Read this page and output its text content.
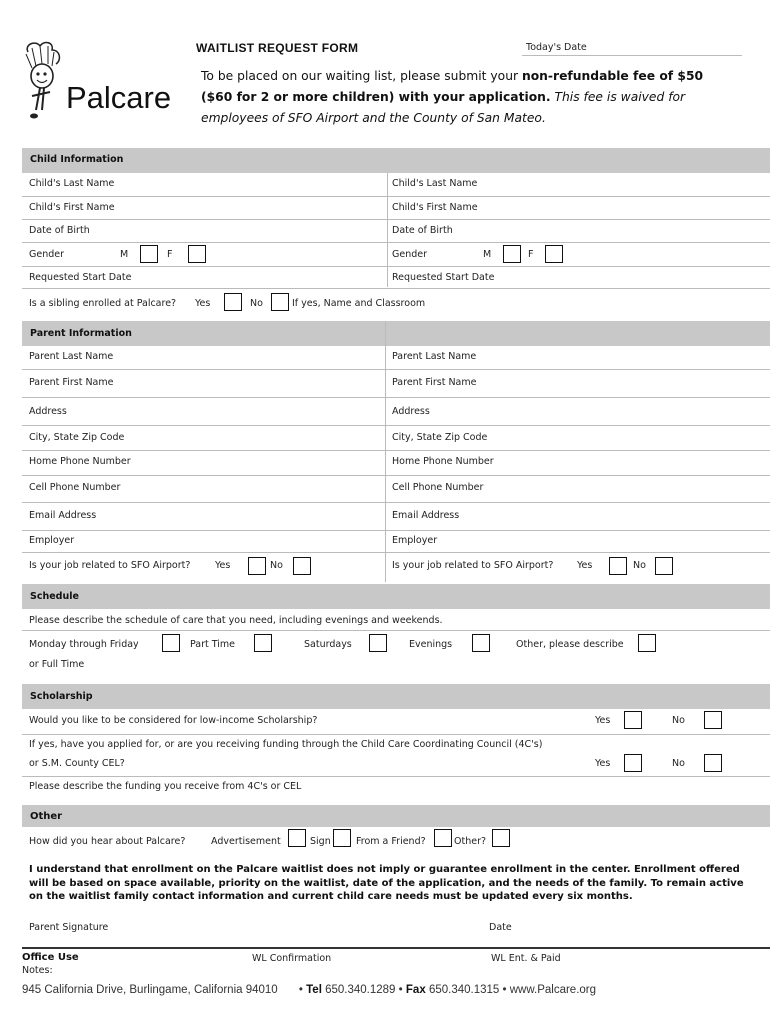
Palcare
WAITLIST REQUEST FORM	Today's Date
To be placed on our waiting list, please submit your non-refundable fee of $50
($60 for 2 or more children) with your application. This fee is waived for employees of SFO Airport and the County of San Mateo.
Child Information
Child's Last Name	Child's Last Name
Child's First Name	Child's First Name
Date of Birth	Date of Birth
Gender	M	F	Gender	M	F
Requested Start Date	Requested Start Date
Is a sibling enrolled at Palcare? Yes	No	If yes, Name and Classroom
Parent Information
Parent Last Name	Parent Last Name
Parent First Name	Parent First Name
Address	Address
City, State Zip Code	City, State Zip Code
Home Phone Number	Home Phone Number
Cell Phone Number	Cell Phone Number
Email Address	Email Address
Employer	Employer
Is your job related to SFO Airport?	Yes	No	Is your job related to SFO Airport? Yes	No
Schedule
Please describe the schedule of care that you need, including evenings and weekends.
Monday through Friday
or Full Time
Part Time	Saturdays	Evenings	Other, please describe
Scholarship
Would you like to be considered for low-income Scholarship?	Yes	No
If yes, have you applied for, or are you receiving funding through the Child Care Coordinating Council (4C's)
or S.M. County CEL?	Yes	No
Please describe the funding you receive from 4C's or CEL
Other
How did you hear about Palcare?	Advertisement	Sign	From a Friend?	Other?
I understand that enrollment on the Palcare waitlist does not imply or guarantee enrollment in the center. Enrollment offered will be based on space available, priority on the waitlist, date of the application, and the needs of the family. To remain active on the waitlist family contact information and current child care needs must be updated every six months.
Parent Signature	Date
Office Use
Notes:
WL Confirmation	WL Ent. & Paid
945 California Drive, Burlingame, California 94010 • Tel 650.340.1289 • Fax 650.340.1315 • www.Palcare.org
